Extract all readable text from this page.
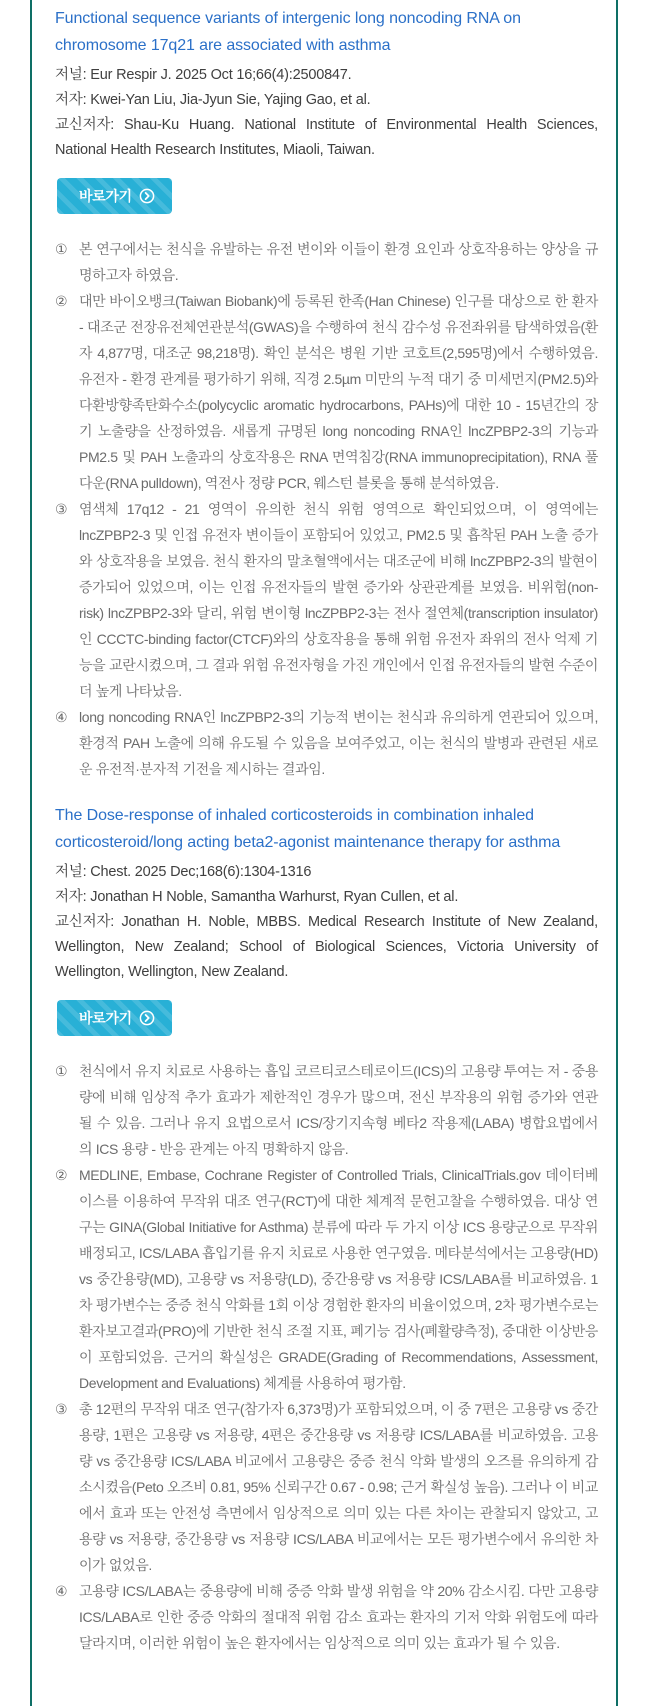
Functional sequence variants of intergenic long noncoding RNA on chromosome 17q21 are associated with asthma

저널: Eur Respir J. 2025 Oct 16;66(4):2500847.

저자: Kwei-Yan Liu, Jia-Jyun Sie, Yajing Gao, et al.

교신저자: Shau-Ku Huang. National Institute of Environmental Health Sciences, National Health Research Institutes, Miaoli, Taiwan.

바로가기
① 본 연구에서는 천식을 유발하는 유전 변이와 이들이 환경 요인과 상호작용하는 양상을 규명하고자 하였음.
② 대만 바이오뱅크(Taiwan Biobank)에 등록된 한족(Han Chinese) 인구를 대상으로 한 환자 - 대조군 전장유전체연관분석(GWAS)을 수행하여 천식 감수성 유전좌위를 탐색하였음(환자 4,877명, 대조군 98,218명). 확인 분석은 병원 기반 코호트(2,595명)에서 수행하였음. 유전자 - 환경 관계를 평가하기 위해, 직경 2.5µm 미만의 누적 대기 중 미세먼지(PM2.5)와 다환방향족탄화수소(polycyclic aromatic hydrocarbons, PAHs)에 대한 10 - 15년간의 장기 노출량을 산정하였음. 새롭게 규명된 long noncoding RNA인 lncZPBP2-3의 기능과 PM2.5 및 PAH 노출과의 상호작용은 RNA 면역침강(RNA immunoprecipitation), RNA 풀다운(RNA pulldown), 역전사 정량 PCR, 웨스턴 블롯을 통해 분석하였음.
③ 염색체 17q12 - 21 영역이 유의한 천식 위험 영역으로 확인되었으며, 이 영역에는 lncZPBP2-3 및 인접 유전자 변이들이 포함되어 있었고, PM2.5 및 흡착된 PAH 노출 증가와 상호작용을 보였음. 천식 환자의 말초혈액에서는 대조군에 비해 lncZPBP2-3의 발현이 증가되어 있었으며, 이는 인접 유전자들의 발현 증가와 상관관계를 보였음. 비위험(non-risk) lncZPBP2-3와 달리, 위험 변이형 lncZPBP2-3는 전사 절연체(transcription insulator)인 CCCTC-binding factor(CTCF)와의 상호작용을 통해 위험 유전자 좌위의 전사 억제 기능을 교란시켰으며, 그 결과 위험 유전자형을 가진 개인에서 인접 유전자들의 발현 수준이 더 높게 나타났음.
④ long noncoding RNA인 lncZPBP2-3의 기능적 변이는 천식과 유의하게 연관되어 있으며, 환경적 PAH 노출에 의해 유도될 수 있음을 보여주었고, 이는 천식의 발병과 관련된 새로운 유전적·분자적 기전을 제시하는 결과임.
The Dose-response of inhaled corticosteroids in combination inhaled corticosteroid/long acting beta2-agonist maintenance therapy for asthma

저널: Chest. 2025 Dec;168(6):1304-1316

저자: Jonathan H Noble, Samantha Warhurst, Ryan Cullen, et al.

교신저자: Jonathan H. Noble, MBBS. Medical Research Institute of New Zealand, Wellington, New Zealand; School of Biological Sciences, Victoria University of Wellington, Wellington, New Zealand.

바로가기
① 천식에서 유지 치료로 사용하는 흡입 코르티코스테로이드(ICS)의 고용량 투여는 저 - 중용량에 비해 임상적 추가 효과가 제한적인 경우가 많으며, 전신 부작용의 위험 증가와 연관될 수 있음. 그러나 유지 요법으로서 ICS/장기지속형 베타2 작용제(LABA) 병합요법에서의 ICS 용량 - 반응 관계는 아직 명확하지 않음.
② MEDLINE, Embase, Cochrane Register of Controlled Trials, ClinicalTrials.gov 데이터베이스를 이용하여 무작위 대조 연구(RCT)에 대한 체계적 문헌고찰을 수행하였음. 대상 연구는 GINA(Global Initiative for Asthma) 분류에 따라 두 가지 이상 ICS 용량군으로 무작위 배정되고, ICS/LABA 흡입기를 유지 치료로 사용한 연구였음. 메타분석에서는 고용량(HD) vs 중간용량(MD), 고용량 vs 저용량(LD), 중간용량 vs 저용량 ICS/LABA를 비교하였음. 1차 평가변수는 중증 천식 악화를 1회 이상 경험한 환자의 비율이었으며, 2차 평가변수로는 환자보고결과(PRO)에 기반한 천식 조절 지표, 폐기능 검사(폐활량측정), 중대한 이상반응이 포함되었음. 근거의 확실성은 GRADE(Grading of Recommendations, Assessment, Development and Evaluations) 체계를 사용하여 평가함.
③ 총 12편의 무작위 대조 연구(참가자 6,373명)가 포함되었으며, 이 중 7편은 고용량 vs 중간용량, 1편은 고용량 vs 저용량, 4편은 중간용량 vs 저용량 ICS/LABA를 비교하였음. 고용량 vs 중간용량 ICS/LABA 비교에서 고용량은 중증 천식 악화 발생의 오즈를 유의하게 감소시켰음(Peto 오즈비 0.81, 95% 신뢰구간 0.67 - 0.98; 근거 확실성 높음). 그러나 이 비교에서 효과 또는 안전성 측면에서 임상적으로 의미 있는 다른 차이는 관찰되지 않았고, 고용량 vs 저용량, 중간용량 vs 저용량 ICS/LABA 비교에서는 모든 평가변수에서 유의한 차이가 없었음.
④ 고용량 ICS/LABA는 중용량에 비해 중증 악화 발생 위험을 약 20% 감소시킴. 다만 고용량 ICS/LABA로 인한 중증 악화의 절대적 위험 감소 효과는 환자의 기저 악화 위험도에 따라 달라지며, 이러한 위험이 높은 환자에서는 임상적으로 의미 있는 효과가 될 수 있음.
